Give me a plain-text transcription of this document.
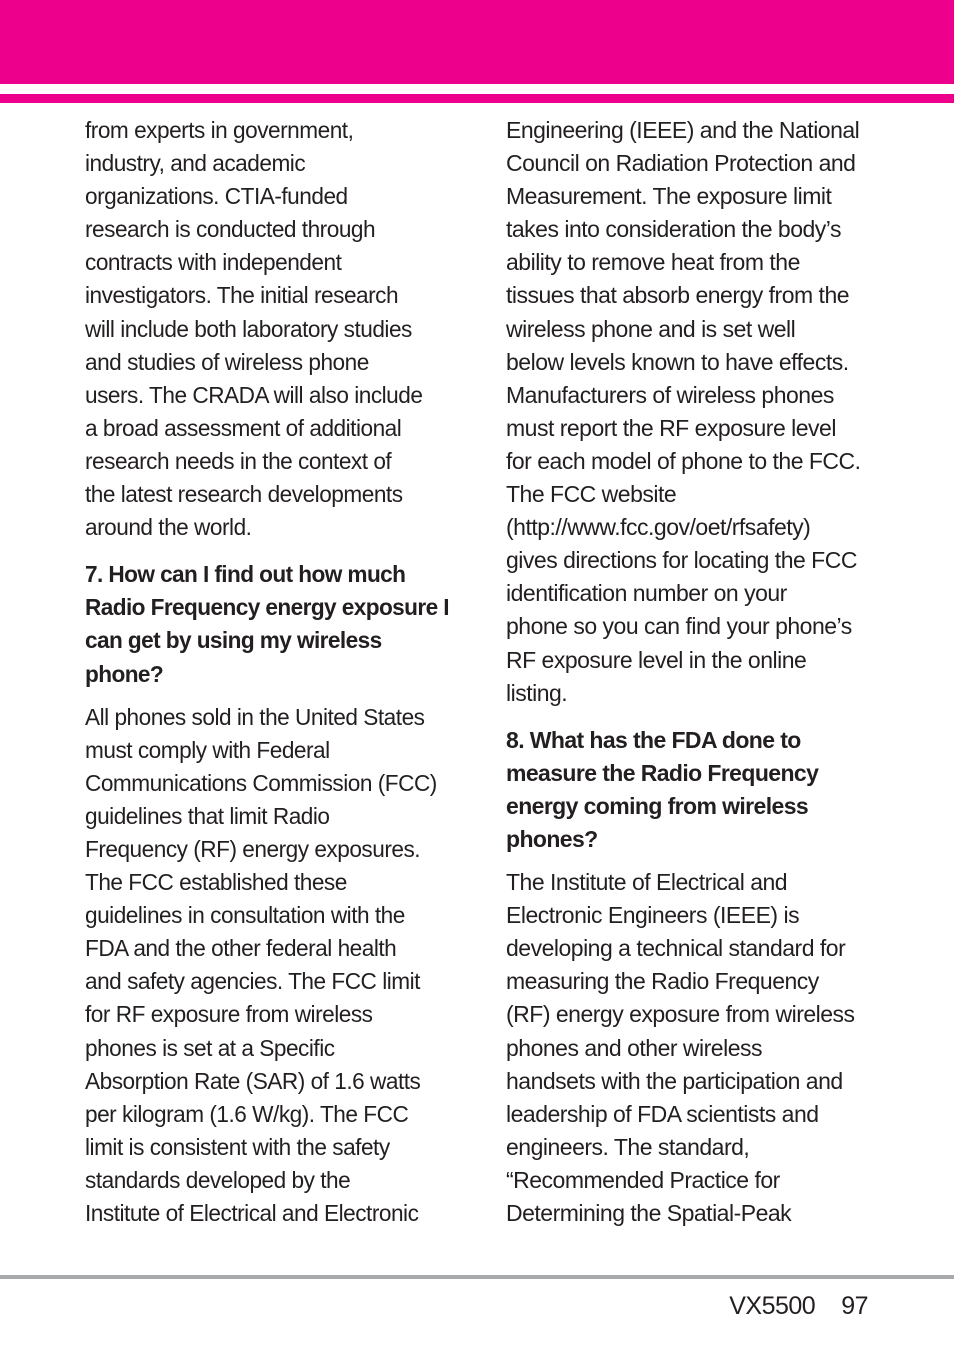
from experts in government,
industry, and academic
organizations. CTIA-funded
research is conducted through
contracts with independent
investigators. The initial research
will include both laboratory studies
and studies of wireless phone
users. The CRADA will also include
a broad assessment of additional
research needs in the context of
the latest research developments
around the world.
7. How can I find out how much
Radio Frequency energy exposure I
can get by using my wireless
phone?
All phones sold in the United States
must comply with Federal
Communications Commission (FCC)
guidelines that limit Radio
Frequency (RF) energy exposures.
The FCC established these
guidelines in consultation with the
FDA and the other federal health
and safety agencies. The FCC limit
for RF exposure from wireless
phones is set at a Specific
Absorption Rate (SAR) of 1.6 watts
per kilogram (1.6 W/kg). The FCC
limit is consistent with the safety
standards developed by the
Institute of Electrical and Electronic
Engineering (IEEE) and the National
Council on Radiation Protection and
Measurement. The exposure limit
takes into consideration the body’s
ability to remove heat from the
tissues that absorb energy from the
wireless phone and is set well
below levels known to have effects.
Manufacturers of wireless phones
must report the RF exposure level
for each model of phone to the FCC.
The FCC website
(http://www.fcc.gov/oet/rfsafety)
gives directions for locating the FCC
identification number on your
phone so you can find your phone’s
RF exposure level in the online
listing.
8. What has the FDA done to
measure the Radio Frequency
energy coming from wireless
phones?
The Institute of Electrical and
Electronic Engineers (IEEE) is
developing a technical standard for
measuring the Radio Frequency
(RF) energy exposure from wireless
phones and other wireless
handsets with the participation and
leadership of FDA scientists and
engineers. The standard,
“Recommended Practice for
Determining the Spatial-Peak
VX5500 97
